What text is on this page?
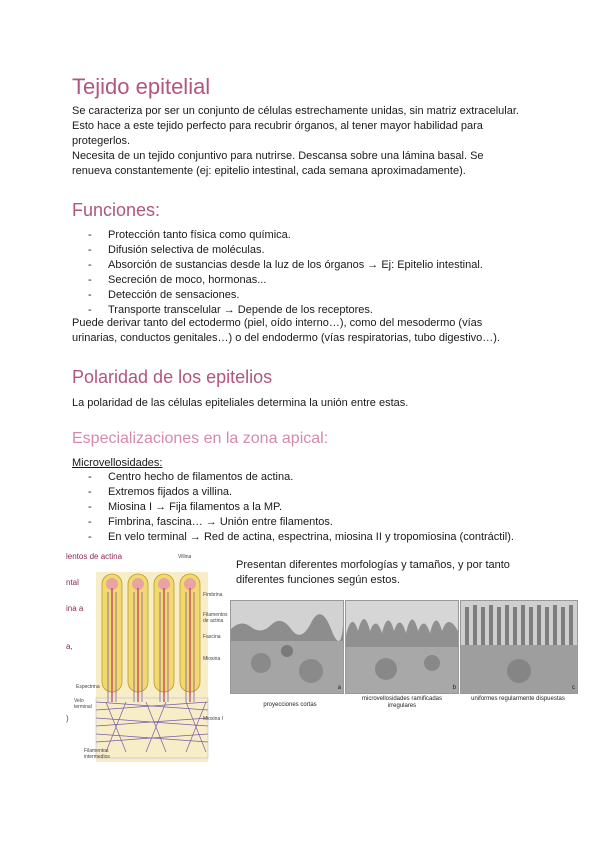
Tejido epitelial
Se caracteriza por ser un conjunto de células estrechamente unidas, sin matriz extracelular.
Esto hace a este tejido perfecto para recubrir órganos, al tener mayor habilidad para
protegerlos.
Necesita de un tejido conjuntivo para nutrirse. Descansa sobre una lámina basal. Se
renueva constantemente (ej: epitelio intestinal, cada semana aproximadamente).
Funciones:
- Protección tanto física como química.
- Difusión selectiva de moléculas.
- Absorción de sustancias desde la luz de los órganos → Ej: Epitelio intestinal.
- Secreción de moco, hormonas...
- Detección de sensaciones.
- Transporte transcelular → Depende de los receptores.
Puede derivar tanto del ectodermo (piel, oído interno…), como del mesodermo (vías
urinarias, conductos genitales…) o del endodermo (vías respiratorias, tubo digestivo…).
Polaridad de los epitelios

La polaridad de las células epiteliales determina la unión entre estas.

Especializaciones en la zona apical:

Microvellosidades:

- Centro hecho de filamentos de actina.
- Extremos fijados a villina.
- Miosina I → Fija filamentos a la MP.
- Fimbrina, fascina… → Unión entre filamentos.
- En velo terminal → Red de actina, espectrina, miosina II y tropomiosina (contráctil).
lentos de actina
ntal
ina a
a,
)
Villina
Fimbrina
Filamentos de actina
Fascina
Miosina
Miosina I
Espectrina
Velo terminal
Filamentos intermedios
Presentan diferentes morfologías y tamaños, y por tanto
diferentes funciones según estos.
a	b	c
proyecciones cortas
microvellosidades ramificadas irregulares
uniformes regularmente dispuestas
